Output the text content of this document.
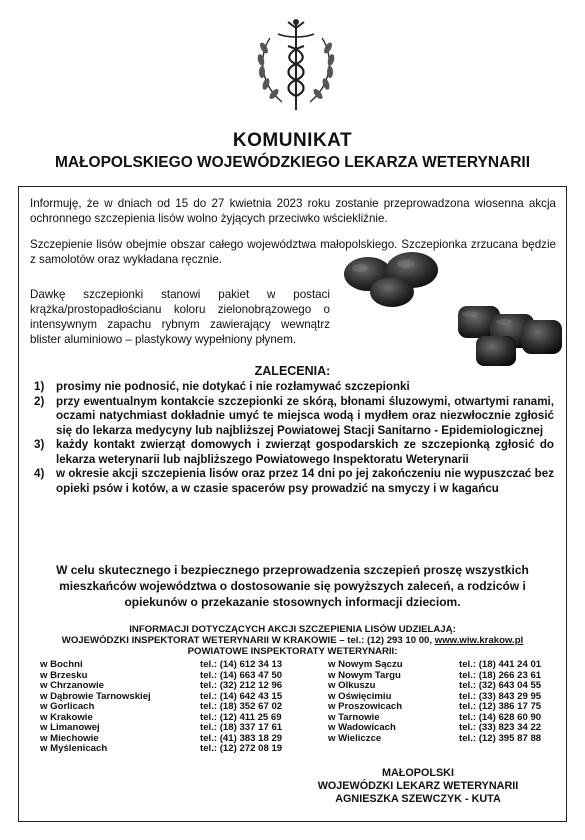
KOMUNIKAT
MAŁOPOLSKIEGO WOJEWÓDZKIEGO LEKARZA WETERYNARII

Informuję, że w dniach od 15 do 27 kwietnia 2023 roku zostanie przeprowadzona wiosenna akcja ochronnego szczepienia lisów wolno żyjących przeciwko wściekliźnie.

Szczepienie lisów obejmie obszar całego województwa małopolskiego. Szczepionka zrzucana będzie z samolotów oraz wykładana ręcznie.

Dawkę szczepionki stanowi pakiet w postaci krążka/prostopadłościanu koloru zielonobrązowego o intensywnym zapachu rybnym zawierający wewnątrz blister aluminiowo – plastykowy wypełniony płynem.

ZALECENIA:
1) prosimy nie podnosić, nie dotykać i nie rozłamywać szczepionki
2) przy ewentualnym kontakcie szczepionki ze skórą, błonami śluzowymi, otwartymi ranami, oczami natychmiast dokładnie umyć te miejsca wodą i mydłem oraz niezwłocznie zgłosić się do lekarza medycyny lub najbliższej Powiatowej Stacji Sanitarno - Epidemiologicznej
3) każdy kontakt zwierząt domowych i zwierząt gospodarskich ze szczepionką zgłosić do lekarza weterynarii lub najbliższego Powiatowego Inspektoratu Weterynarii
4) w okresie akcji szczepienia lisów oraz przez 14 dni po jej zakończeniu nie wypuszczać bez opieki psów i kotów, a w czasie spacerów psy prowadzić na smyczy i w kagańcu

W celu skutecznego i bezpiecznego przeprowadzenia szczepień proszę wszystkich mieszkańców województwa o dostosowanie się powyższych zaleceń, a rodziców i opiekunów o przekazanie stosownych informacji dzieciom.

INFORMACJI DOTYCZĄCYCH AKCJI SZCZEPIENIA LISÓW UDZIELAJĄ:

WOJEWÓDZKI INSPEKTORAT WETERYNARII W KRAKOWIE – tel.: (12) 293 10 00, www.wiw.krakow.pl

POWIATOWE INSPEKTORATY WETERYNARII:

w Bochni
w Brzesku
w Chrzanowie
w Dąbrowie Tarnowskiej
w Gorlicach
w Krakowie
w Limanowej
w Miechowie
w Myślenicach
tel.: (14) 612 34 13
tel.: (14) 663 47 50
tel.: (32) 212 12 96
tel.: (14) 642 43 15
tel.: (18) 352 67 02
tel.: (12) 411 25 69
tel.: (18) 337 17 61
tel.: (41) 383 18 29
tel.: (12) 272 08 19
w Nowym Sączu
w Nowym Targu
w Olkuszu
w Oświęcimiu
w Proszowicach
w Tarnowie
w Wadowicach
w Wieliczce
tel.: (18) 441 24 01
tel.: (18) 266 23 61
tel.: (32) 643 04 55
tel.: (33) 843 29 95
tel.: (12) 386 17 75
tel.: (14) 628 60 90
tel.: (33) 823 34 22
tel.: (12) 395 87 88

MAŁOPOLSKI

WOJEWÓDZKI LEKARZ WETERYNARII

AGNIESZKA SZEWCZYK - KUTA
